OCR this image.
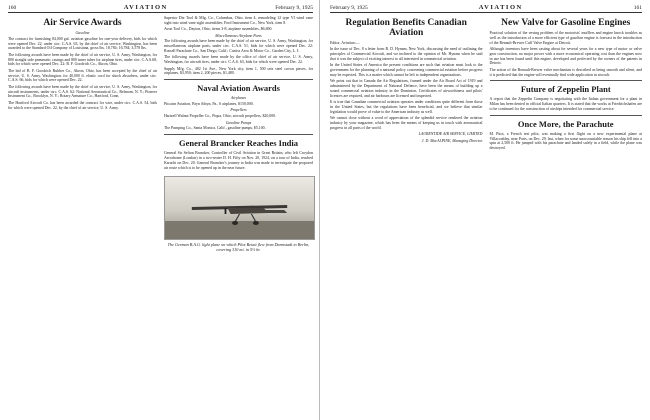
160	AVIATION	February 9, 1925
Air Service Awards

Gasoline

The contract for furnishing 84,000 gal. aviation gasoline for one-year delivery, bids for which were opened Dec. 22, under circ. C.A.S. 63, by the chief of air service, Washington, has been awarded to the Standard Oil Company of Louisiana, gross lbs. 18,784; 16,784; 3,578 lbs.

The following awards have been made by the chief of air service, U. S. Army, Washington, for 800 straight side pneumatic casings and 800 inner tubes for airplane tires, under circ. C.A.S.68, bids for which were opened Dec. 22: B. F. Goodrich Co., Akron, Ohio.

The bid of B. F. Goodrich Rubber Co., Akron, Ohio, has been accepted by the chief of air service, U. S. Army, Washington, for 40,000 ft. elastic cord for shock absorbers, under circ. C.A.S. 66, bids for which were opened Dec. 22.

The following awards have been made by the chief of air service, U. S. Army, Washington, for aircraft instruments, under circ. C.A.S. 62: National Aeronautical Co., Belmont, N. Y.; Pioneer Instrument Co., Brooklyn, N. Y.; Rotary Armature Co., Hartford, Conn.

The Hartford Aircraft Co. has been awarded the contract for wire, under circ. C.A.S. 54, bids for which were opened Dec. 22, by the chief of air service, U. S. Army.

Superior Die Tool & Mfg. Co., Columbus, Ohio, item 4, remodeling 12 type VI wind vane sight into wind vane sight assemblies; Ford Instrument Co., New York, item 8.

Avon Tool Co., Dayton, Ohio, items 3-8, airplane assemblies, $6,690.

Miscellaneous Airplane Parts

The following awards have been made by the chief of air service, U. S. Army, Washington, for miscellaneous airplane parts, under circ. C.A.S. 51, bids for which were opened Dec. 22: Russell Parachute Co., San Diego, Calif.; Curtiss Aero & Motor Co., Garden City, L. I.

The following awards have been made by the office of chief of air service, U. S. Army, Washington, for aircraft tires, under circ. C.A.S. 63, bids for which were opened Dec. 22.

Supply Mfg. Co., 402 1st Ave., New York city, item 1, 500 sets steel crown pieces, for airplanes, $3,950; item 2, 200 pieces, $1,480.

Naval Aviation Awards

Airplanes

Pitcairn Aviation, Bryn Athyn, Pa., 6 airplanes, $150,000.

Propellers

Hartzell Walnut Propeller Co., Piqua, Ohio, aircraft propellers, $20,000.

Gasoline Pumps

The Pumping Co., Santa Monica, Calif., gasoline pumps, $5,100.

General Brancker Reaches India

General Sir Sefton Brancker, Controller of Civil Aviation in Great Britain, who left Croydon Aerodrome (London) in a two-seater D. H. Fifty on Nov. 20, 1924, on a tour of India, reached Karachi on Dec. 20. General Brancker's journey to India was made to investigate the proposed air route which is to be opened up in the near future.

The German B.A.G. light plane on which Pilot Beiatt flew from Darmstadt to Berlin, covering 310 mi. in 5½ hr.
February 9, 1925	AVIATION	161
Regulation Benefits Canadian Aviation

Editor, Aviation:—

In the issue of Dec. 8 a letter from R. D. Hynam, New York, discussing the need of outlining the principles of Commercial Aircraft, and we inclined to the opinion of Mr. Hynam when he said that it was the subject of exciting interest to all interested in commercial aviation.

In the United States of America the present conditions are such that aviation must look to the government for the planning of a national policy concerning commercial aviation before progress may be expected. This is a matter which cannot be left to independent organizations.

We point out that in Canada the Air Regulations, framed under the Air Board Act of 1919 and administered by the Department of National Defence, have been the means of building up a sound commercial aviation industry in the Dominion. Certificates of airworthiness and pilots' licences are required, and air harbours are licensed and inspected.

It is true that Canadian commercial aviation operates under conditions quite different from those in the United States, but the regulations have been beneficial, and we believe that similar legislation would prove of value to the American industry as well.

We cannot close without a word of appreciation of the splendid service rendered the aviation industry by your magazine, which has been the means of keeping us in touch with aeronautical progress in all parts of the world.

LAURENTIDE AIR SERVICE, LIMITED

J. D. MacALPINE, Managing Director

New Valve for Gasoline Engines

Practical solution of the vexing problem of the motorists' mufflers and engine knock troubles as well as the introduction of a more efficient type of gasoline engine is forecast in the introduction of the Renault-Brewer Cuff Valve Engine at Detroit.

Although inventors have been casting about for several years for a new type of motor or valve gear construction, no major power with a more economical operating cost than the engines now in use has been found until this engine, developed and perfected by the owners of the patents in Detroit.

The action of the Renault-Brewer valve mechanism is described as being smooth and silent, and it is predicted that the engine will eventually find wide application in aircraft.

Future of Zeppelin Plant

A report that the Zeppelin Company is negotiating with the Italian government for a plant in Milan has been denied in official Italian quarters. It is stated that the works at Friedrichshafen are to be continued for the construction of airships intended for commercial service.

Once More, the Parachute

M. Pitot, a French test pilot, was making a first flight on a new experimental plane at Villacoublay, near Paris, on Dec. 29, last, when for some unaccountable reason his ship fell into a spin at 2,500 ft. He jumped with his parachute and landed safely in a field, while the plane was destroyed.
